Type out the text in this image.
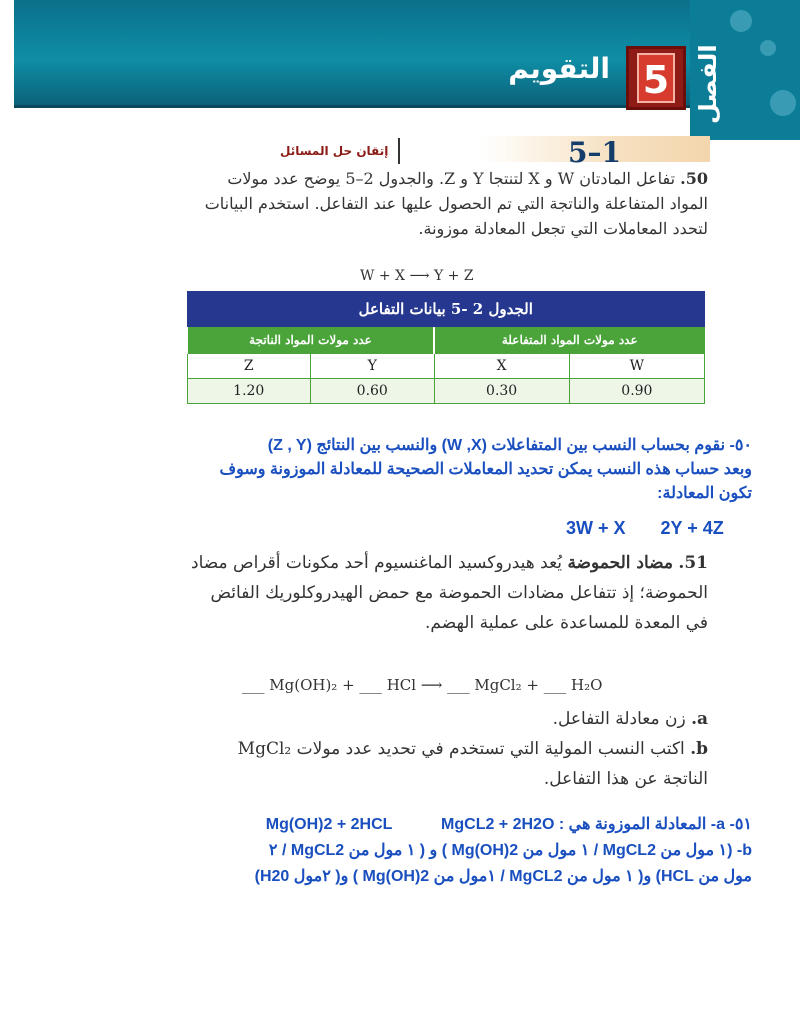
الفصل
5
التقويم
5–1
إتقان حل المسائل
50. تفاعل المادتان W و X لتنتجا Y و Z. والجدول 2–5 يوضح عدد مولات المواد المتفاعلة والناتجة التي تم الحصول عليها عند التفاعل. استخدم البيانات لتحدد المعاملات التي تجعل المعادلة موزونة.
W + X ⟶ Y + Z
الجدول 2 -5 بيانات التفاعل			
عدد مولات المواد الناتجة		عدد مولات المواد المتفاعلة	
Z	Y	X	W
1.20	0.60	0.30	0.90
٥٠- نقوم بحساب النسب بين المتفاعلات (W ,X) والنسب بين النتائج (Z , Y)
وبعد حساب هذه النسب يمكن تحديد المعاملات الصحيحة للمعادلة الموزونة وسوف
تكون المعادلة:
3W + X       2Y + 4Z
51. مضاد الحموضة يُعد هيدروكسيد الماغنسيوم أحد مكونات أقراص مضاد الحموضة؛ إذ تتفاعل مضادات الحموضة مع حمض الهيدروكلوريك الفائض في المعدة للمساعدة على عملية الهضم.
___ Mg(OH)₂ + ___ HCl ⟶ ___ MgCl₂ + ___ H₂O
a. زن معادلة التفاعل.
b. اكتب النسب المولية التي تستخدم في تحديد عدد مولات MgCl₂ الناتجة عن هذا التفاعل.
٥١- a- المعادلة الموزونة هي : Mg(OH)2 + 2HCL           MgCL2 + 2H2O
b- (١ مول من MgCL2 / ١ مول من Mg(OH)2 ) و ( ١ مول من MgCL2 / ٢
مول من HCL) و( ١ مول من MgCL2 / ١مول من Mg(OH)2 ) و( ٢مول H20)
